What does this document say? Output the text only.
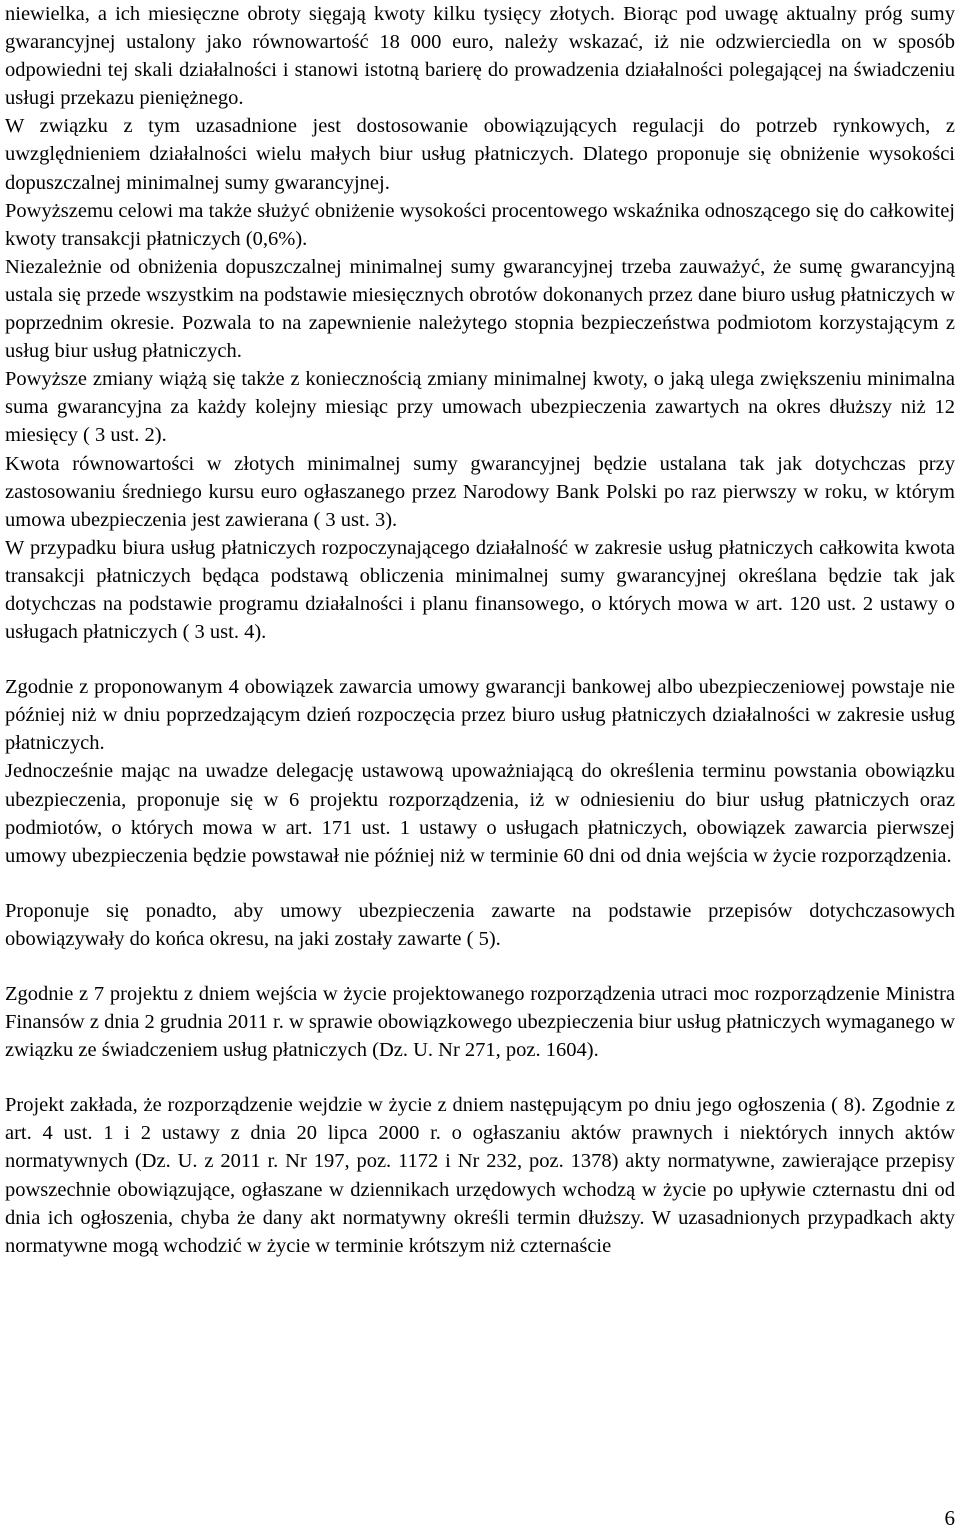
niewielka, a ich miesięczne obroty sięgają kwoty kilku tysięcy złotych. Biorąc pod uwagę aktualny próg sumy gwarancyjnej ustalony jako równowartość 18 000 euro, należy wskazać, iż nie odzwierciedla on w sposób odpowiedni tej skali działalności i stanowi istotną barierę do prowadzenia działalności polegającej na świadczeniu usługi przekazu pieniężnego.

W związku z tym uzasadnione jest dostosowanie obowiązujących regulacji do potrzeb rynkowych, z uwzględnieniem działalności wielu małych biur usług płatniczych. Dlatego proponuje się obniżenie wysokości dopuszczalnej minimalnej sumy gwarancyjnej.

Powyższemu celowi ma także służyć obniżenie wysokości procentowego wskaźnika odnoszącego się do całkowitej kwoty transakcji płatniczych (0,6%).

Niezależnie od obniżenia dopuszczalnej minimalnej sumy gwarancyjnej trzeba zauważyć, że sumę gwarancyjną ustala się przede wszystkim na podstawie miesięcznych obrotów dokonanych przez dane biuro usług płatniczych w poprzednim okresie. Pozwala to na zapewnienie należytego stopnia bezpieczeństwa podmiotom korzystającym z usług biur usług płatniczych.

Powyższe zmiany wiążą się także z koniecznością zmiany minimalnej kwoty, o jaką ulega zwiększeniu minimalna suma gwarancyjna za każdy kolejny miesiąc przy umowach ubezpieczenia zawartych na okres dłuższy niż 12 miesięcy ( 3 ust. 2).

Kwota równowartości w złotych minimalnej sumy gwarancyjnej będzie ustalana tak jak dotychczas przy zastosowaniu średniego kursu euro ogłaszanego przez Narodowy Bank Polski po raz pierwszy w roku, w którym umowa ubezpieczenia jest zawierana ( 3 ust. 3).

W przypadku biura usług płatniczych rozpoczynającego działalność w zakresie usług płatniczych całkowita kwota transakcji płatniczych będąca podstawą obliczenia minimalnej sumy gwarancyjnej określana będzie tak jak dotychczas na podstawie programu działalności i planu finansowego, o których mowa w art. 120 ust. 2 ustawy o usługach płatniczych ( 3 ust. 4).

Zgodnie z proponowanym 4 obowiązek zawarcia umowy gwarancji bankowej albo ubezpieczeniowej powstaje nie później niż w dniu poprzedzającym dzień rozpoczęcia przez biuro usług płatniczych działalności w zakresie usług płatniczych.

Jednocześnie mając na uwadze delegację ustawową upoważniającą do określenia terminu powstania obowiązku ubezpieczenia, proponuje się w 6 projektu rozporządzenia, iż w odniesieniu do biur usług płatniczych oraz podmiotów, o których mowa w art. 171 ust. 1 ustawy o usługach płatniczych, obowiązek zawarcia pierwszej umowy ubezpieczenia będzie powstawał nie później niż w terminie 60 dni od dnia wejścia w życie rozporządzenia.

Proponuje się ponadto, aby umowy ubezpieczenia zawarte na podstawie przepisów dotychczasowych obowiązywały do końca okresu, na jaki zostały zawarte ( 5).

Zgodnie z 7 projektu z dniem wejścia w życie projektowanego rozporządzenia utraci moc rozporządzenie Ministra Finansów z dnia 2 grudnia 2011 r. w sprawie obowiązkowego ubezpieczenia biur usług płatniczych wymaganego w związku ze świadczeniem usług płatniczych (Dz. U. Nr 271, poz. 1604).

Projekt zakłada, że rozporządzenie wejdzie w życie z dniem następującym po dniu jego ogłoszenia ( 8). Zgodnie z art. 4 ust. 1 i 2 ustawy z dnia 20 lipca 2000 r. o ogłaszaniu aktów prawnych i niektórych innych aktów normatywnych (Dz. U. z 2011 r. Nr 197, poz. 1172 i Nr 232, poz. 1378) akty normatywne, zawierające przepisy powszechnie obowiązujące, ogłaszane w dziennikach urzędowych wchodzą w życie po upływie czternastu dni od dnia ich ogłoszenia, chyba że dany akt normatywny określi termin dłuższy. W uzasadnionych przypadkach akty normatywne mogą wchodzić w życie w terminie krótszym niż czternaście

6
